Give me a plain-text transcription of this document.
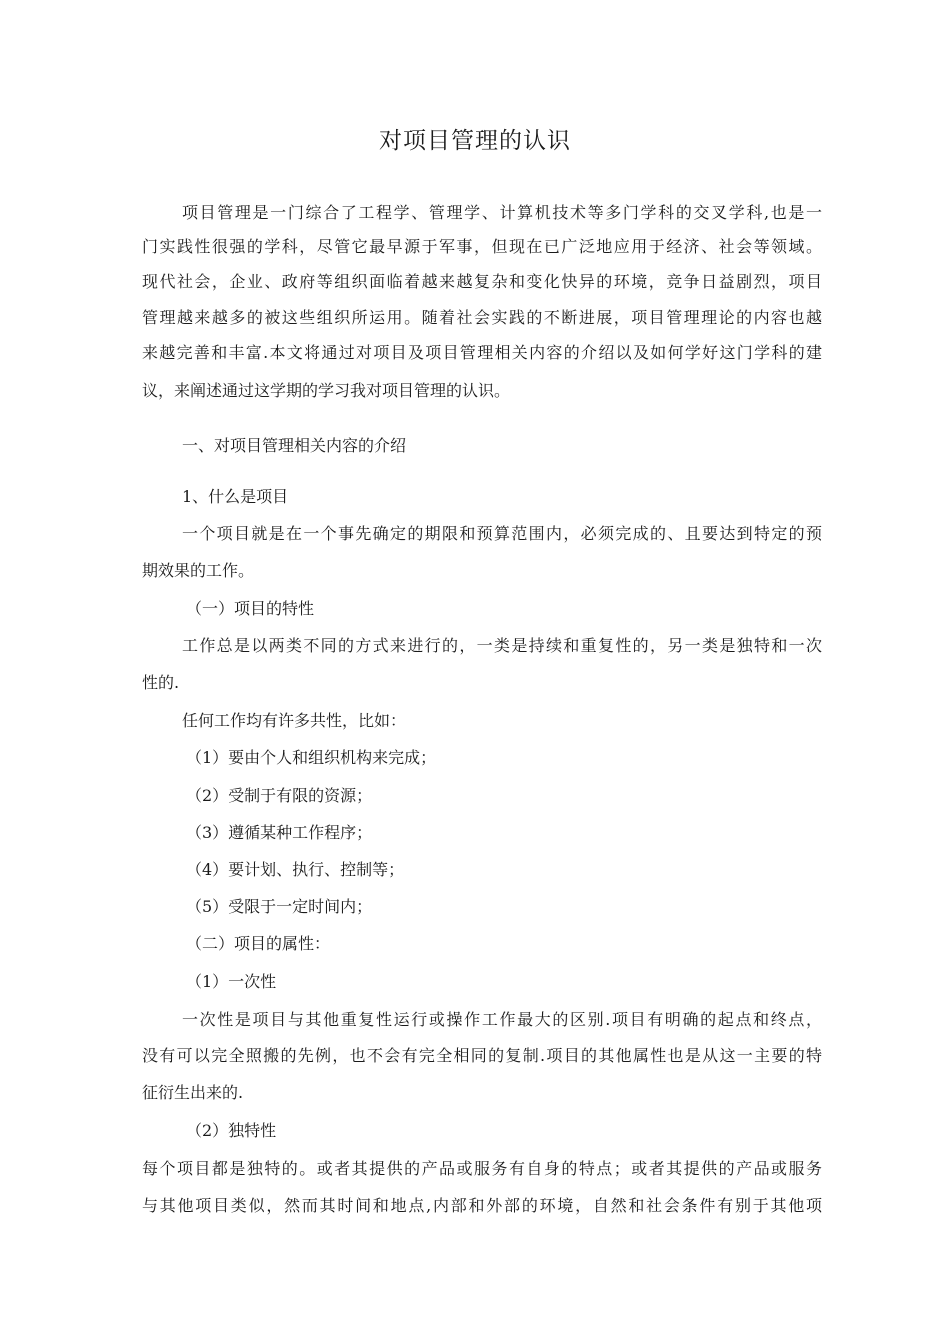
对项目管理的认识
项目管理是一门综合了工程学、管理学、计算机技术等多门学科的交叉学科,也是一
门实践性很强的学科，尽管它最早源于军事，但现在已广泛地应用于经济、社会等领域。
现代社会，企业、政府等组织面临着越来越复杂和变化快异的环境，竞争日益剧烈，项目
管理越来越多的被这些组织所运用。随着社会实践的不断进展，项目管理理论的内容也越
来越完善和丰富.本文将通过对项目及项目管理相关内容的介绍以及如何学好这门学科的建
议，来阐述通过这学期的学习我对项目管理的认识。
一、对项目管理相关内容的介绍
1、什么是项目
一个项目就是在一个事先确定的期限和预算范围内，必须完成的、且要达到特定的预
期效果的工作。
（一）项目的特性
工作总是以两类不同的方式来进行的，一类是持续和重复性的，另一类是独特和一次
性的.
任何工作均有许多共性，比如：
（1）要由个人和组织机构来完成；
（2）受制于有限的资源；
（3）遵循某种工作程序；
（4）要计划、执行、控制等；
（5）受限于一定时间内；
（二）项目的属性：
（1）一次性
一次性是项目与其他重复性运行或操作工作最大的区别.项目有明确的起点和终点，
没有可以完全照搬的先例，也不会有完全相同的复制.项目的其他属性也是从这一主要的特
征衍生出来的.
（2）独特性
每个项目都是独特的。或者其提供的产品或服务有自身的特点；或者其提供的产品或服务
与其他项目类似，然而其时间和地点,内部和外部的环境，自然和社会条件有别于其他项
